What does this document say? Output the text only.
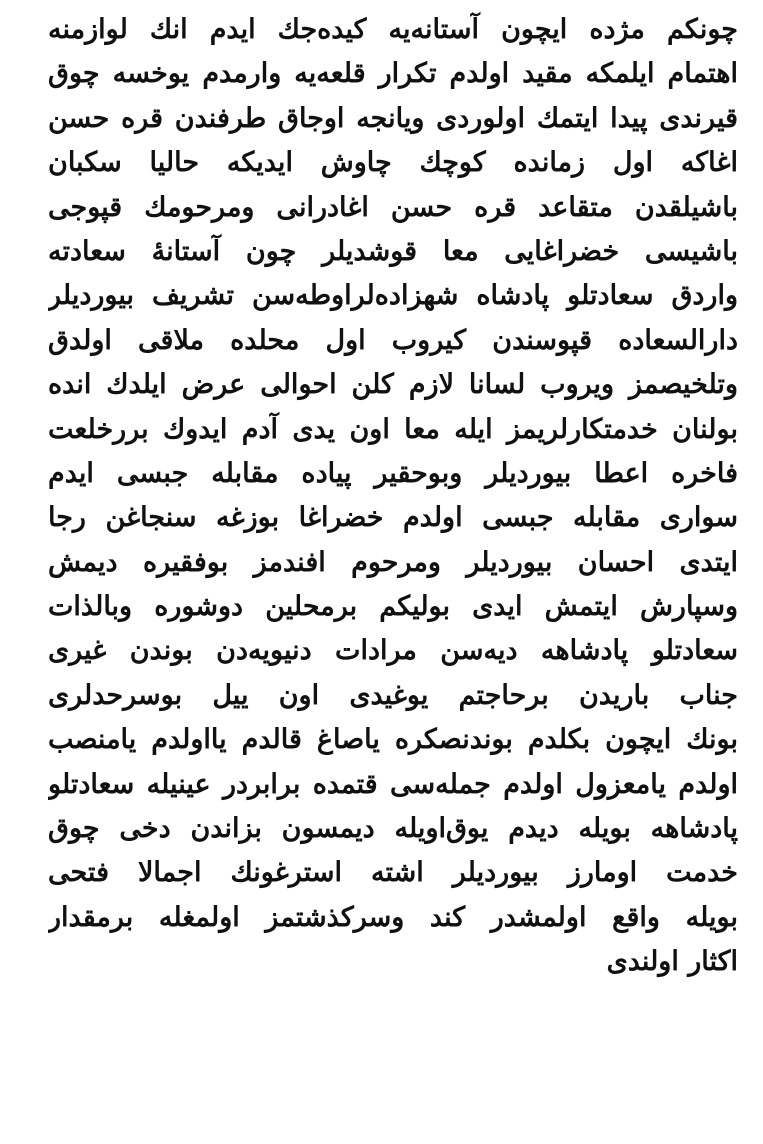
چونکم مژده ایچون آستانه‌یه کیده‌جك ایدم انك لوازمنه
اهتمام ایلمکه مقید اولدم تکرار قلعه‌یه وارمدم یوخسه چوق
قیرندی پیدا ایتمك اولوردی ویانجه اوجاق طرفندن قره حسن
اغاکه اول زمانده کوچك چاوش ایدیکه حالیا سکبان
باشیلقدن متقاعد قره حسن اغادرانی ومرحومك قپوجی
باشیسی خضراغایی معا قوشدیلر چون آستانهٔ سعادته
واردق سعادتلو پادشاه شهزاده‌لراوطه‌سن تشریف بیوردیلر
دارالسعاده قپوسندن کیروب اول محلده ملاقی اولدق
وتلخیصمز ویروب لسانا لازم کلن احوالی عرض ایلدك انده
بولنان خدمتکارلریمز ایله معا اون یدی آدم ایدوك بررخلعت
فاخره اعطا بیوردیلر وبوحقیر پیاده مقابله جبسی ایدم
سواری مقابله جبسی اولدم خضراغا بوزغه سنجاغن رجا
ایتدی احسان بیوردیلر ومرحوم افندمز بوفقیره دیمش
وسپارش ایتمش ایدی بولیکم برمحلین دوشوره وبالذات
سعادتلو پادشاهه دیه‌سن مرادات دنیویه‌دن بوندن غیری
جناب باریدن برحاجتم یوغیدی اون ییل بوسرحدلری
بونك ایچون بکلدم بوندنصکره یاصاغ قالدم یااولدم یامنصب
اولدم یامعزول اولدم جمله‌سی قتمده برابردر عینیله سعادتلو
پادشاهه بویله دیدم یوق‌اویله دیمسون بزاندن دخی چوق
خدمت اومارز بیوردیلر اشته استرغونك اجمالا فتحی
بویله واقع اولمشدر کند وسرکذشتمز اولمغله برمقدار
اکثار اولندی
